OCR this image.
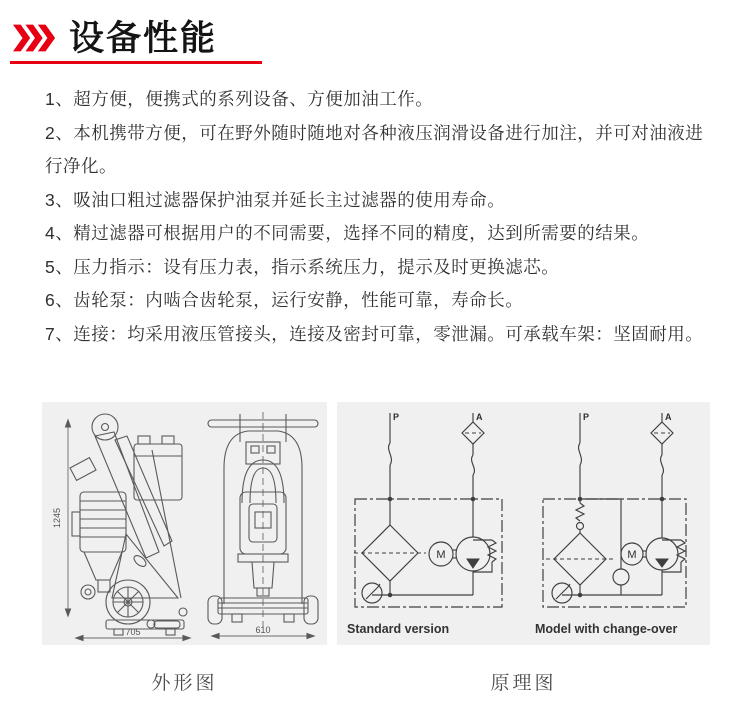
设备性能
1、超方便，便携式的系列设备、方便加油工作。
2、本机携带方便，可在野外随时随地对各种液压润滑设备进行加注，并可对油液进行净化。
3、吸油口粗过滤器保护油泵并延长主过滤器的使用寿命。
4、精过滤器可根据用户的不同需要，选择不同的精度，达到所需要的结果。
5、压力指示：设有压力表，指示系统压力，提示及时更换滤芯。
6、齿轮泵：内啮合齿轮泵，运行安静，性能可靠，寿命长。
7、连接：均采用液压管接头，连接及密封可靠，零泄漏。可承载车架：坚固耐用。
1245
705	610
P	A
M
P	A
M
Standard version	Model with change-over
外形图	原理图
